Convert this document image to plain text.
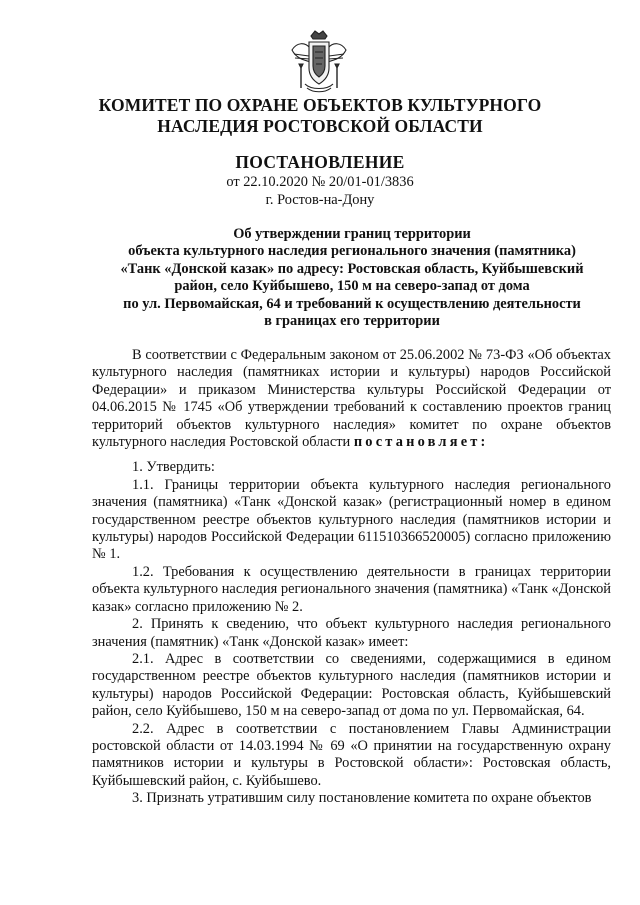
КОМИТЕТ ПО ОХРАНЕ ОБЪЕКТОВ КУЛЬТУРНОГО
НАСЛЕДИЯ РОСТОВСКОЙ ОБЛАСТИ
ПОСТАНОВЛЕНИЕ
от 22.10.2020 № 20/01-01/3836
г. Ростов-на-Дону
Об утверждении границ территории
объекта культурного наследия регионального значения (памятника)
«Танк «Донской казак» по адресу: Ростовская область, Куйбышевский
район, село Куйбышево, 150 м на северо-запад от дома
по ул. Первомайская, 64 и требований к осуществлению деятельности
в границах его территории

В соответствии с Федеральным законом от 25.06.2002 № 73-ФЗ «Об объектах культурного наследия (памятниках истории и культуры) народов Российской Федерации» и приказом Министерства культуры Российской Федерации от 04.06.2015 № 1745 «Об утверждении требований к составлению проектов границ территорий объектов культурного наследия» комитет по охране объектов культурного наследия Ростовской области постановляет:

1. Утвердить:

1.1. Границы территории объекта культурного наследия регионального значения (памятника) «Танк «Донской казак» (регистрационный номер в едином государственном реестре объектов культурного наследия (памятников истории и культуры) народов Российской Федерации 611510366520005) согласно приложению № 1.

1.2. Требования к осуществлению деятельности в границах территории объекта культурного наследия регионального значения (памятника) «Танк «Донской казак» согласно приложению № 2.

2. Принять к сведению, что объект культурного наследия регионального значения (памятник) «Танк «Донской казак» имеет:

2.1. Адрес в соответствии со сведениями, содержащимися в едином государственном реестре объектов культурного наследия (памятников истории и культуры) народов Российской Федерации: Ростовская область, Куйбышевский район, село Куйбышево, 150 м на северо-запад от дома по ул. Первомайская, 64.

2.2. Адрес в соответствии с постановлением Главы Администрации ростовской области от 14.03.1994 № 69 «О принятии на государственную охрану памятников истории и культуры в Ростовской области»: Ростовская область, Куйбышевский район, с. Куйбышево.

3. Признать утратившим силу постановление комитета по охране объектов
